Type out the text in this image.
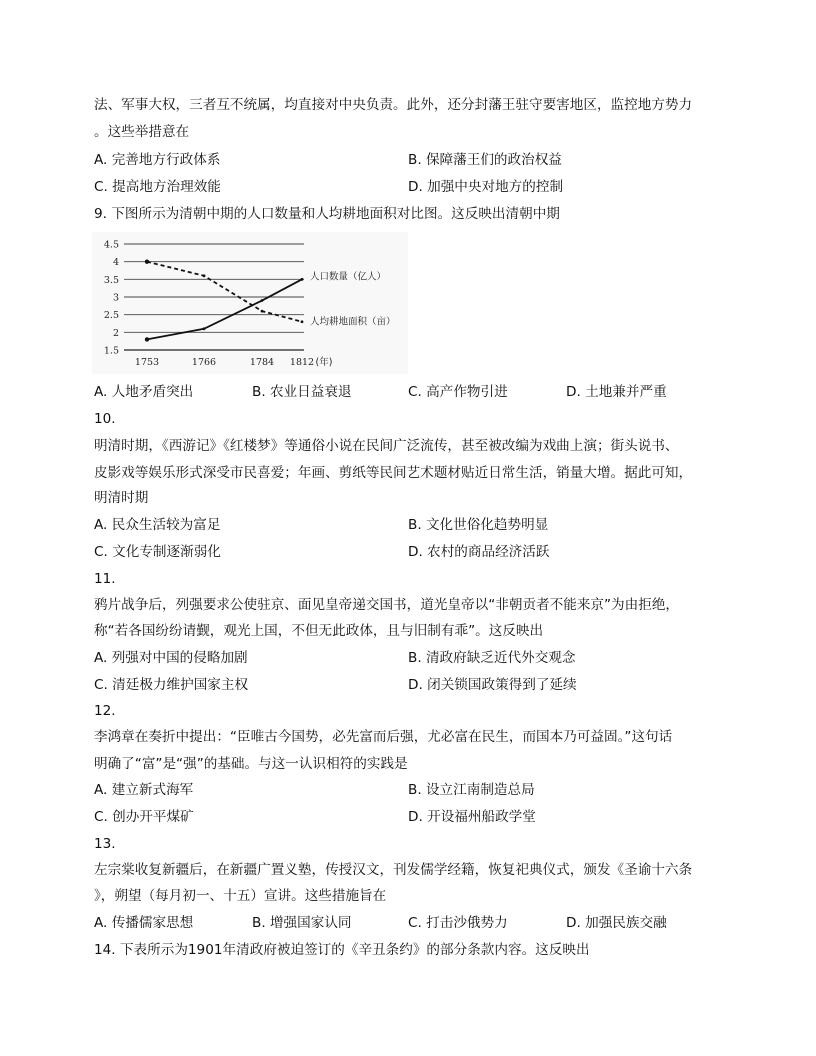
法、军事大权，三者互不统属，均直接对中央负责。此外，还分封藩王驻守要害地区，监控地方势力
。这些举措意在
A. 完善地方行政体系	B. 保障藩王们的政治权益
C. 提高地方治理效能	D. 加强中央对地方的控制
9. 下图所示为清朝中期的人口数量和人均耕地面积对比图。这反映出清朝中期
1.5
2
2.5
3
3.5
4
4.5
1753	1766	1784 1812 (年)
人口数量（亿人）
人均耕地面积（亩）
A. 人地矛盾突出	B. 农业日益衰退	C. 高产作物引进	D. 土地兼并严重
10.
明清时期，《西游记》《红楼梦》等通俗小说在民间广泛流传，甚至被改编为戏曲上演；街头说书、
皮影戏等娱乐形式深受市民喜爱；年画、剪纸等民间艺术题材贴近日常生活，销量大增。据此可知，
明清时期
A. 民众生活较为富足	B. 文化世俗化趋势明显
C. 文化专制逐渐弱化	D. 农村的商品经济活跃
11.
鸦片战争后，列强要求公使驻京、面见皇帝递交国书，道光皇帝以“非朝贡者不能来京”为由拒绝，
称“若各国纷纷请觐，观光上国，不但无此政体，且与旧制有乖”。这反映出
A. 列强对中国的侵略加剧	B. 清政府缺乏近代外交观念
C. 清廷极力维护国家主权	D. 闭关锁国政策得到了延续
12.
李鸿章在奏折中提出：“臣唯古今国势，必先富而后强，尤必富在民生，而国本乃可益固。”这句话
明确了“富”是“强”的基础。与这一认识相符的实践是
A. 建立新式海军	B. 设立江南制造总局
C. 创办开平煤矿	D. 开设福州船政学堂
13.
左宗棠收复新疆后，在新疆广置义塾，传授汉文，刊发儒学经籍，恢复祀典仪式，颁发《圣谕十六条
》，朔望（每月初一、十五）宣讲。这些措施旨在
A. 传播儒家思想	B. 增强国家认同	C. 打击沙俄势力	D. 加强民族交融
14. 下表所示为1901年清政府被迫签订的《辛丑条约》的部分条款内容。这反映出
